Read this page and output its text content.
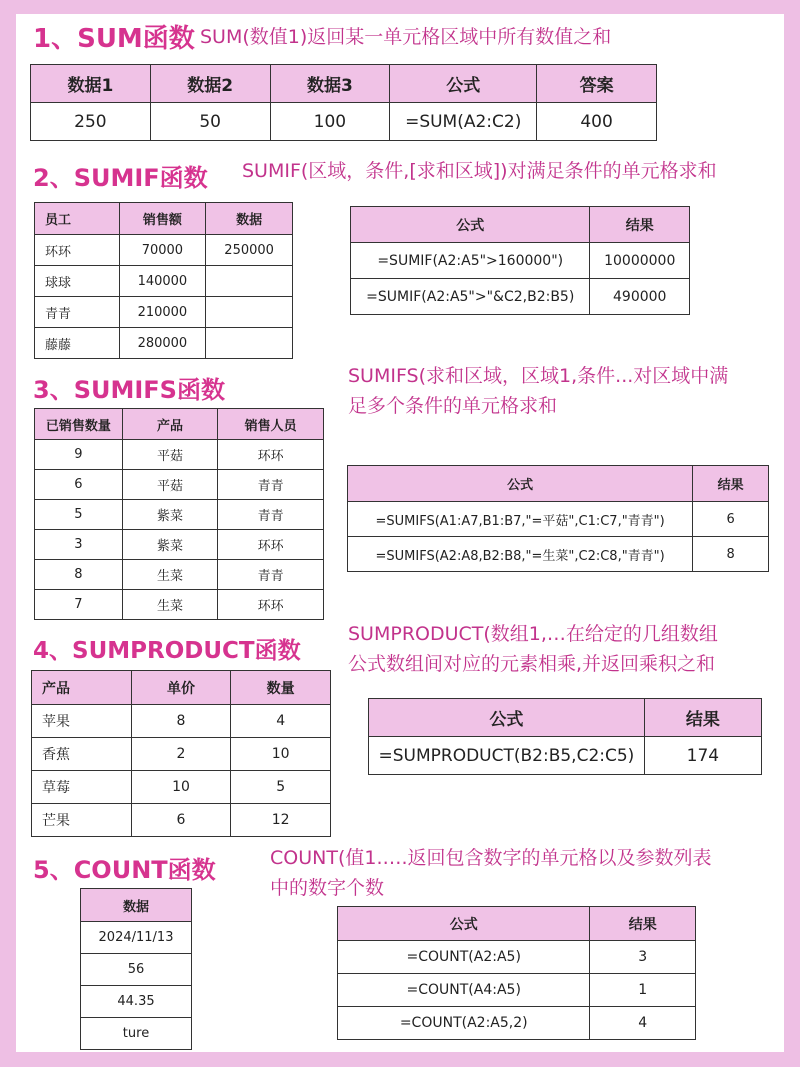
1、SUM函数 SUM(数值1)返回某一单元格区域中所有数值之和
数据1	数据2	数据3	公式	答案
250	50	100	=SUM(A2:C2)	400
2、SUMIF函数 SUMIF(区域，条件,[求和区域])对满足条件的单元格求和
员工	销售额	数据
环环	70000	250000
球球	140000	
青青	210000	
藤藤	280000	
公式	结果
=SUMIF(A2:A5">160000")	10000000
=SUMIF(A2:A5">"&C2,B2:B5)	490000
3、SUMIFS函数	SUMIFS(求和区域，区域1,条件...对区域中满
足多个条件的单元格求和
已销售数量	产品	销售人员
9	平菇	环环
6	平菇	青青
5	紫菜	青青
3	紫菜	环环
8	生菜	青青
7	生菜	环环
公式	结果
=SUMIFS(A1:A7,B1:B7,"=平菇",C1:C7,"青青")	6
=SUMIFS(A2:A8,B2:B8,"=生菜",C2:C8,"青青")	8
4、SUMPRODUCT函数
SUMPRODUCT(数组1,…在给定的几组数组
公式数组间对应的元素相乘,并返回乘积之和
产品	单价	数量
苹果	8	4
香蕉	2	10
草莓	10	5
芒果	6	12
公式	结果
=SUMPRODUCT(B2:B5,C2:C5)	174
5、COUNT函数	COUNT(值1.….返回包含数字的单元格以及参数列表
中的数字个数
数据
2024/11/13
56
44.35
ture
公式	结果
=COUNT(A2:A5)	3
=COUNT(A4:A5)	1
=COUNT(A2:A5,2)	4
